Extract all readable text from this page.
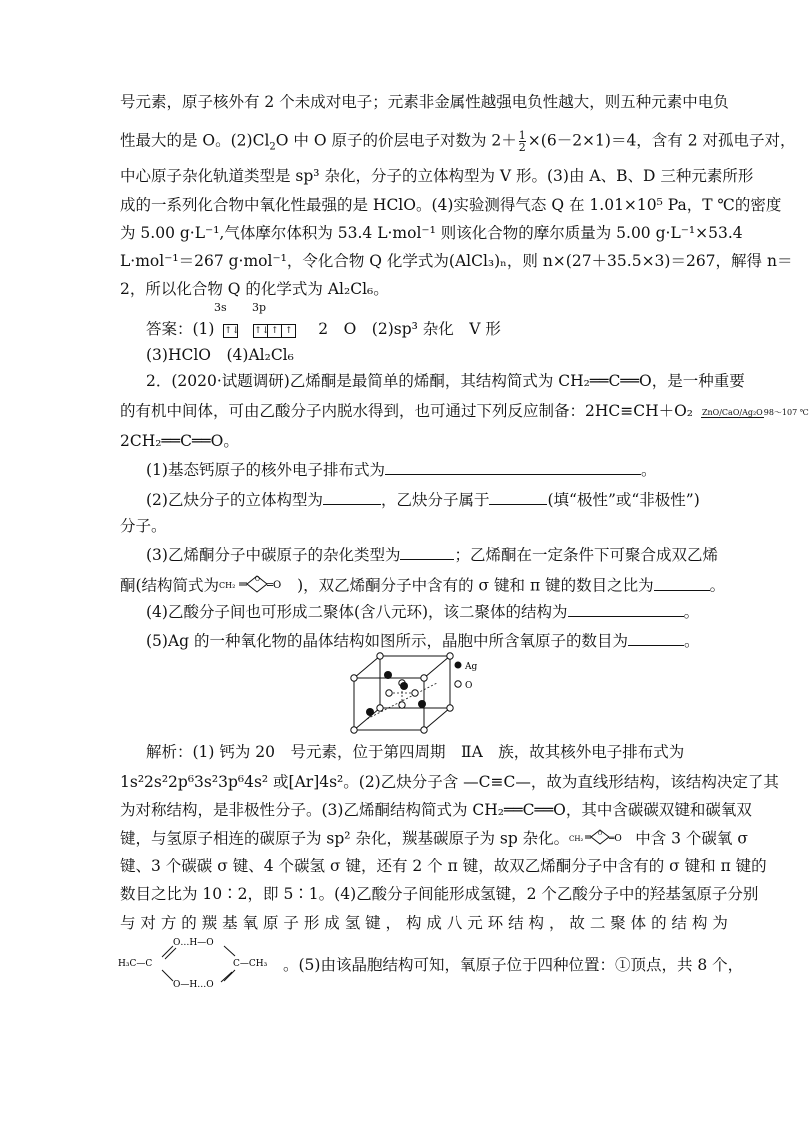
号元素，原子核外有 2 个未成对电子；元素非金属性越强电负性越大，则五种元素中电负
性最大的是 O。$(2)Cl_2O$ 中 O 原子的价层电子对数为 $2+ \frac{1}{2} \times(6-2\times 1)=4$，含有 2 对孤电子对，
中心原子杂化轨道类型是 sp³ 杂化，分子的立体构型为 V 形。(3)由 A、B、D 三种元素所形
成的一系列化合物中氧化性最强的是 HClO。(4)实验测得气态 Q 在 1.01×10⁵ Pa，T ℃的密度
为 5.00 g·L⁻¹,气体摩尔体积为 53.4 L·mol⁻¹ 则该化合物的摩尔质量为 5.00 g·L⁻¹×53.4
L·mol⁻¹＝267 g·mol⁻¹，令化合物 Q 化学式为(AlCl₃)ₙ，则 n×(27＋35.5×3)＝267，解得 n＝
2，所以化合物 Q 的化学式为 Al₂Cl₆。
3s 3p
答案：(1) ↑↓ ↑↓ ↑ ↑ 2　O　(2)sp³ 杂化　V 形
(3)HClO　(4)Al₂Cl₆
2．(2020·试题调研)乙烯酮是最简单的烯酮，其结构简式为 CH₂══C══O，是一种重要
的有机中间体，可由乙酸分子内脱水得到，也可通过下列反应制备：2HC≡CH＋O₂ ZnO/CaO/Ag₂O98～107 ℃
2CH₂══C══O。
(1)基态钙原子的核外电子排布式为	。
(2)乙炔分子的立体构型为	，乙炔分子属于	(填“极性”或“非极性”)
分子。
(3)乙烯酮分子中碳原子的杂化类型为	；乙烯酮在一定条件下可聚合成双乙烯
酮(结构简式为 CH₂
O
═O )，双乙烯酮分子中含有的 σ 键和 π 键的数目之比为	。
(4)乙酸分子间也可形成二聚体(含八元环)，该二聚体的结构为	。
(5)Ag 的一种氧化物的晶体结构如图所示，晶胞中所含氧原子的数目为	。
Ag
O
解析：(1) 钙为 20　号元素，位于第四周期　ⅡA　族，故其核外电子排布式为
1s²2s²2p⁶3s²3p⁶4s² 或[Ar]4s²。(2)乙炔分子含 —C≡C—，故为直线形结构，该结构决定了其
为对称结构，是非极性分子。(3)乙烯酮结构简式为 CH₂══C══O，其中含碳碳双键和碳氧双
键，与氢原子相连的碳原子为 sp² 杂化，羰基碳原子为 sp 杂化。 CH₂
O ═O 中含 3 个碳氧 σ
键、3 个碳碳 σ 键、4 个碳氢 σ 键，还有 2 个 π 键，故双乙烯酮分子中含有的 σ 键和 π 键的
数目之比为 10∶2，即 5∶1。(4)乙酸分子间能形成氢键，2 个乙酸分子中的羟基氢原子分别
与 对 方 的 羰 基 氧 原 子 形 成 氢 键 ， 构 成 八 元 环 结 构 ， 故 二 聚 体 的 结 构 为
O…H—O
H₃C—C	C—CH₃
O—H…O
。(5)由该晶胞结构可知，氧原子位于四种位置：①顶点，共 8 个，
